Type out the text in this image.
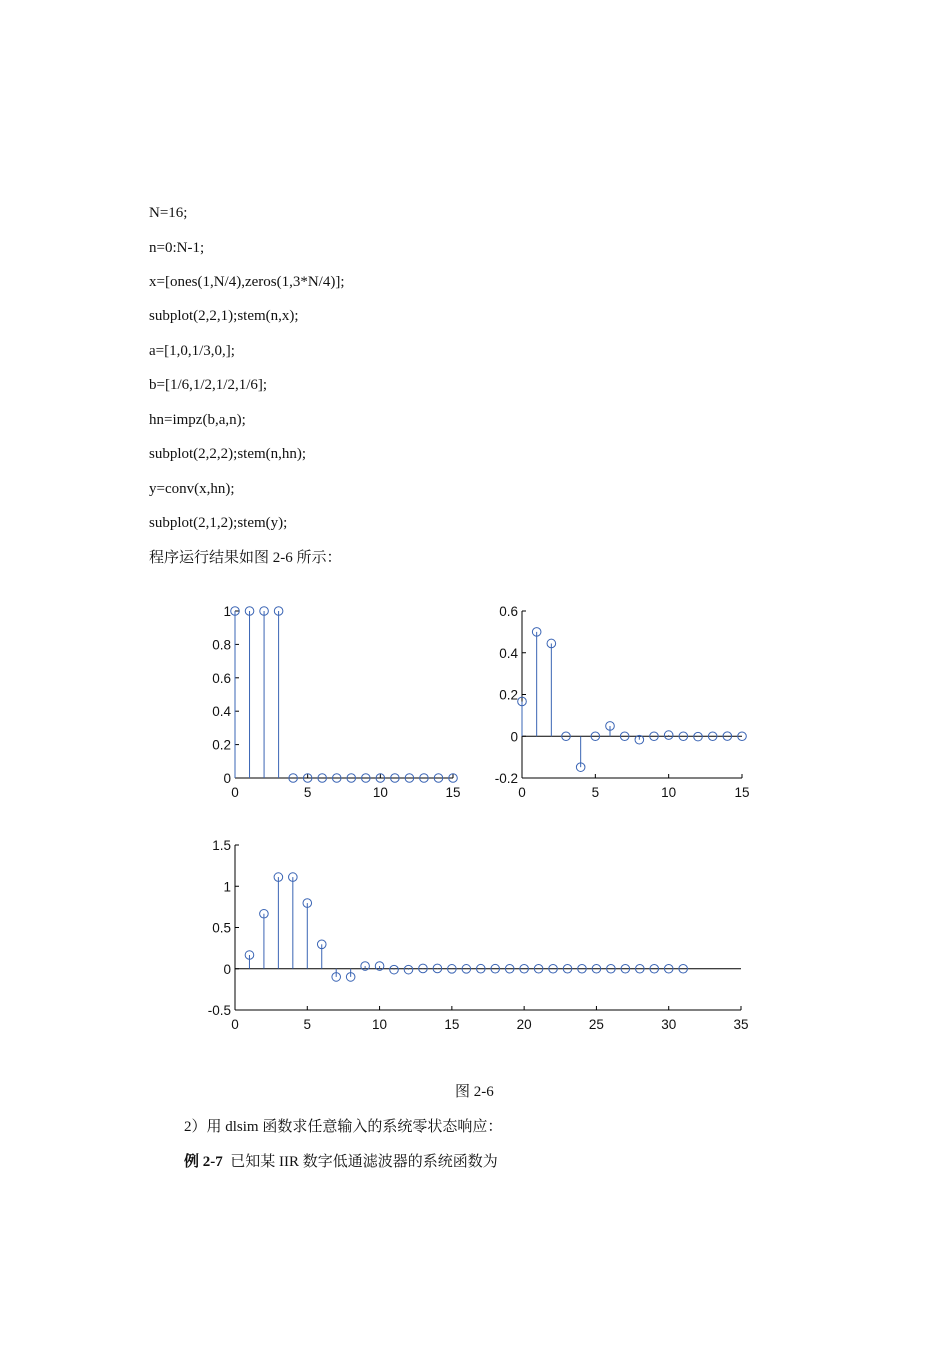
N=16;
n=0:N-1;
x=[ones(1,N/4),zeros(1,3*N/4)];
subplot(2,2,1);stem(n,x);
a=[1,0,1/3,0,];
b=[1/6,1/2,1/2,1/6];
hn=impz(b,a,n);
subplot(2,2,2);stem(n,hn);
y=conv(x,hn);
subplot(2,1,2);stem(y);
程序运行结果如图 2-6 所示：
0
0.2
0.4
0.6
0.8
1
0	5	10	15
-0.2
0
0.2
0.4
0.6
0	5	10	15
-0.5
0
0.5
1
1.5
0	5	10	15	20	25	30	35
图 2-6
2）用 dlsim 函数求任意输入的系统零状态响应：
例 2-7 已知某 IIR 数字低通滤波器的系统函数为
